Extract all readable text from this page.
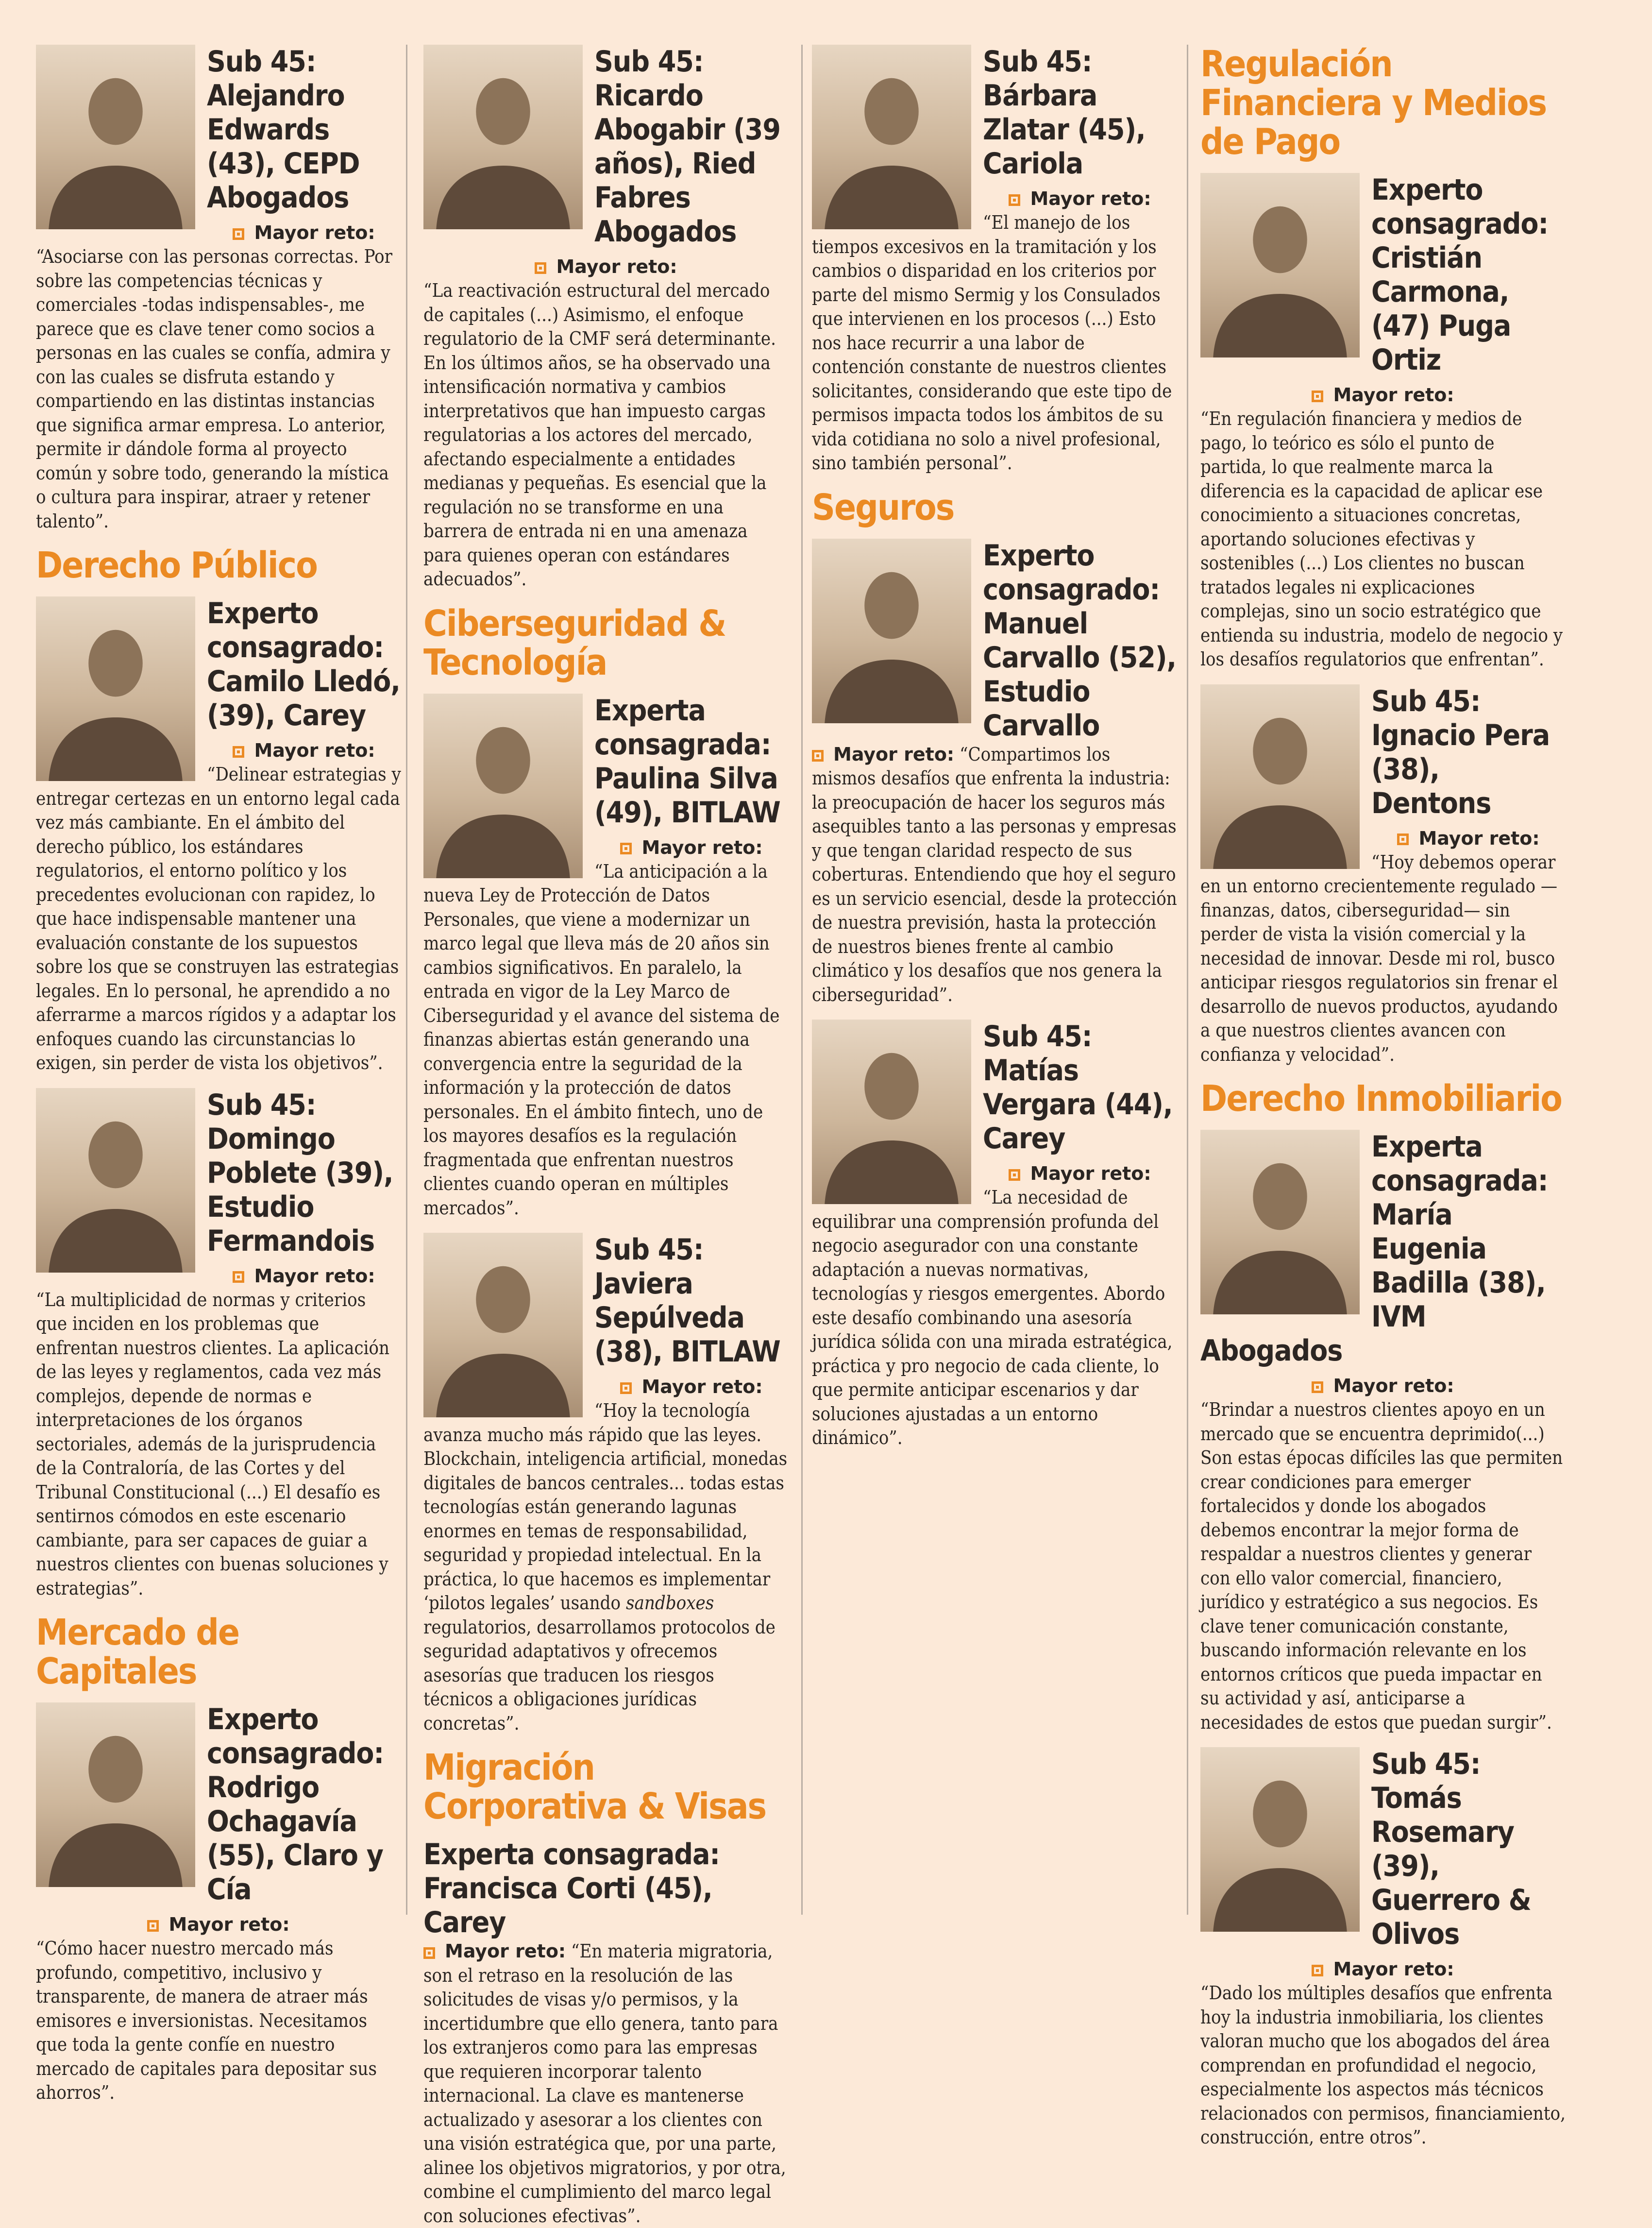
Sub 45: Alejandro Edwards (43), CEPD Abogados
Mayor reto:
“Asociarse con las personas correctas. Por sobre las competencias técnicas y comerciales -todas indispensables-, me parece que es clave tener como socios a personas en las cuales se confía, admira y con las cuales se disfruta estando y compartiendo en las distintas instancias que significa armar empresa. Lo anterior, permite ir dándole forma al proyecto común y sobre todo, generando la mística o cultura para inspirar, atraer y retener talento”.
Derecho Público
Experto consagrado: Camilo Lledó, (39), Carey
Mayor reto:
“Delinear estrategias y entregar certezas en un entorno legal cada vez más cambiante. En el ámbito del derecho público, los estándares regulatorios, el entorno político y los precedentes evolucionan con rapidez, lo que hace indispensable mantener una evaluación constante de los supuestos sobre los que se construyen las estrategias legales. En lo personal, he aprendido a no aferrarme a marcos rígidos y a adaptar los enfoques cuando las circunstancias lo exigen, sin perder de vista los objetivos”.
Sub 45: Domingo Poblete (39), Estudio Fermandois
Mayor reto:
“La multiplicidad de normas y criterios que inciden en los problemas que enfrentan nuestros clientes. La aplicación de las leyes y reglamentos, cada vez más complejos, depende de normas e interpretaciones de los órganos sectoriales, además de la jurisprudencia de la Contraloría, de las Cortes y del Tribunal Constitucional (...) El desafío es sentirnos cómodos en este escenario cambiante, para ser capaces de guiar a nuestros clientes con buenas soluciones y estrategias”.
Mercado de Capitales
Experto consagrado: Rodrigo Ochagavía (55), Claro y Cía
Mayor reto:
“Cómo hacer nuestro mercado más profundo, competitivo, inclusivo y transparente, de manera de atraer más emisores e inversionistas. Necesitamos que toda la gente confíe en nuestro mercado de capitales para depositar sus ahorros”.
Sub 45: Ricardo Abogabir (39 años), Ried Fabres Abogados
Mayor reto:
“La reactivación estructural del mercado de capitales (...) Asimismo, el enfoque regulatorio de la CMF será determinante. En los últimos años, se ha observado una intensificación normativa y cambios interpretativos que han impuesto cargas regulatorias a los actores del mercado, afectando especialmente a entidades medianas y pequeñas. Es esencial que la regulación no se transforme en una barrera de entrada ni en una amenaza para quienes operan con estándares adecuados”.
Ciberseguridad & Tecnología
Experta consagrada: Paulina Silva (49), BITLAW
Mayor reto:
“La anticipación a la nueva Ley de Protección de Datos Personales, que viene a modernizar un marco legal que lleva más de 20 años sin cambios significativos. En paralelo, la entrada en vigor de la Ley Marco de Ciberseguridad y el avance del sistema de finanzas abiertas están generando una convergencia entre la seguridad de la información y la protección de datos personales. En el ámbito fintech, uno de los mayores desafíos es la regulación fragmentada que enfrentan nuestros clientes cuando operan en múltiples mercados”.
Sub 45: Javiera Sepúlveda (38), BITLAW
Mayor reto:
“Hoy la tecnología avanza mucho más rápido que las leyes. Blockchain, inteligencia artificial, monedas digitales de bancos centrales... todas estas tecnologías están generando lagunas enormes en temas de responsabilidad, seguridad y propiedad intelectual. En la práctica, lo que hacemos es implementar ‘pilotos legales’ usando sandboxes regulatorios, desarrollamos protocolos de seguridad adaptativos y ofrecemos asesorías que traducen los riesgos técnicos a obligaciones jurídicas concretas”.
Migración Corporativa & Visas
Experta consagrada: Francisca Corti (45), Carey
Mayor reto: “En materia migratoria, son el retraso en la resolución de las solicitudes de visas y/o permisos, y la incertidumbre que ello genera, tanto para los extranjeros como para las empresas que requieren incorporar talento internacional. La clave es mantenerse actualizado y asesorar a los clientes con una visión estratégica que, por una parte, alinee los objetivos migratorios, y por otra, combine el cumplimiento del marco legal con soluciones efectivas”.
Sub 45: Bárbara Zlatar (45), Cariola
Mayor reto:
“El manejo de los tiempos excesivos en la tramitación y los cambios o disparidad en los criterios por parte del mismo Sermig y los Consulados que intervienen en los procesos (...) Esto nos hace recurrir a una labor de contención constante de nuestros clientes solicitantes, considerando que este tipo de permisos impacta todos los ámbitos de su vida cotidiana no solo a nivel profesional, sino también personal”.
Seguros
Experto consagrado: Manuel Carvallo (52), Estudio Carvallo
Mayor reto: “Compartimos los mismos desafíos que enfrenta la industria: la preocupación de hacer los seguros más asequibles tanto a las personas y empresas y que tengan claridad respecto de sus coberturas. Entendiendo que hoy el seguro es un servicio esencial, desde la protección de nuestra previsión, hasta la protección de nuestros bienes frente al cambio climático y los desafíos que nos genera la ciberseguridad”.
Sub 45: Matías Vergara (44), Carey
Mayor reto:
“La necesidad de equilibrar una comprensión profunda del negocio asegurador con una constante adaptación a nuevas normativas, tecnologías y riesgos emergentes. Abordo este desafío combinando una asesoría jurídica sólida con una mirada estratégica, práctica y pro negocio de cada cliente, lo que permite anticipar escenarios y dar soluciones ajustadas a un entorno dinámico”.
Regulación Financiera y Medios de Pago
Experto consagrado: Cristián Carmona, (47) Puga Ortiz
Mayor reto:
“En regulación financiera y medios de pago, lo teórico es sólo el punto de partida, lo que realmente marca la diferencia es la capacidad de aplicar ese conocimiento a situaciones concretas, aportando soluciones efectivas y sostenibles (...) Los clientes no buscan tratados legales ni explicaciones complejas, sino un socio estratégico que entienda su industria, modelo de negocio y los desafíos regulatorios que enfrentan”.
Sub 45: Ignacio Pera (38), Dentons
Mayor reto:
“Hoy debemos operar en un entorno crecientemente regulado —finanzas, datos, ciberseguridad— sin perder de vista la visión comercial y la necesidad de innovar. Desde mi rol, busco anticipar riesgos regulatorios sin frenar el desarrollo de nuevos productos, ayudando a que nuestros clientes avancen con confianza y velocidad”.
Derecho Inmobiliario
Experta consagrada: María Eugenia Badilla (38), IVM Abogados
Mayor reto:
“Brindar a nuestros clientes apoyo en un mercado que se encuentra deprimido(...) Son estas épocas difíciles las que permiten crear condiciones para emerger fortalecidos y donde los abogados debemos encontrar la mejor forma de respaldar a nuestros clientes y generar con ello valor comercial, financiero, jurídico y estratégico a sus negocios. Es clave tener comunicación constante, buscando información relevante en los entornos críticos que pueda impactar en su actividad y así, anticiparse a necesidades de estos que puedan surgir”.
Sub 45: Tomás Rosemary (39), Guerrero & Olivos
Mayor reto:
“Dado los múltiples desafíos que enfrenta hoy la industria inmobiliaria, los clientes valoran mucho que los abogados del área comprendan en profundidad el negocio, especialmente los aspectos más técnicos relacionados con permisos, financiamiento, construcción, entre otros”.
